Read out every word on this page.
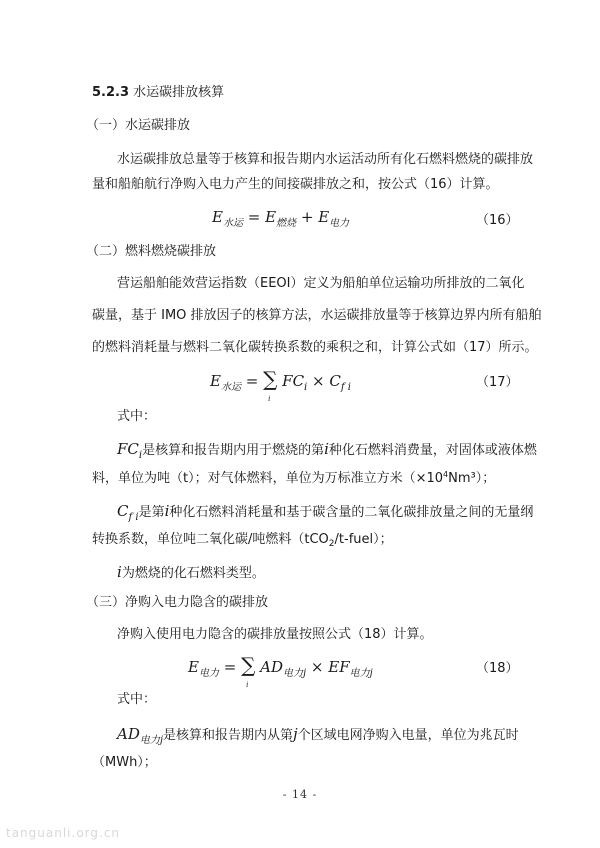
5.2.3 水运碳排放核算
（一）水运碳排放
水运碳排放总量等于核算和报告期内水运活动所有化石燃料燃烧的碳排放
量和船舶航行净购入电力产生的间接碳排放之和，按公式（16）计算。
$E_{水运} = E_{燃烧} + E_{电力}$	（16）
（二）燃料燃烧碳排放
营运船舶能效营运指数（EEOI）定义为船舶单位运输功所排放的二氧化
碳量，基于 IMO 排放因子的核算方法，水运碳排放量等于核算边界内所有船舶
的燃料消耗量与燃料二氧化碳转换系数的乘积之和，计算公式如（17）所示。
$E_{水运}$ = ∑
i
$FC_i \times C_{f i}$	（17）
式中：
$FC_i$是核算和报告期内用于燃烧的第i种化石燃料消费量，对固体或液体燃
料，单位为吨（t）；对气体燃料，单位为万标准立方米$(\times 10^4Nm^3)$；
$C_{f i}$是第i种化石燃料消耗量和基于碳含量的二氧化碳排放量之间的无量纲
转换系数，单位吨二氧化碳/吨燃料（tCO$_2$/t-fuel）；
i为燃烧的化石燃料类型。
（三）净购入电力隐含的碳排放
净购入使用电力隐含的碳排放量按照公式（18）计算。
$E_{电力}$ = ∑
i
$AD_{电力j} \times EF_{电力j}$	（18）
式中：
$AD_{电力j}$是核算和报告期内从第j个区域电网净购入电量，单位为兆瓦时
（MWh）；
- 14 -
tanguanli.org.cn
